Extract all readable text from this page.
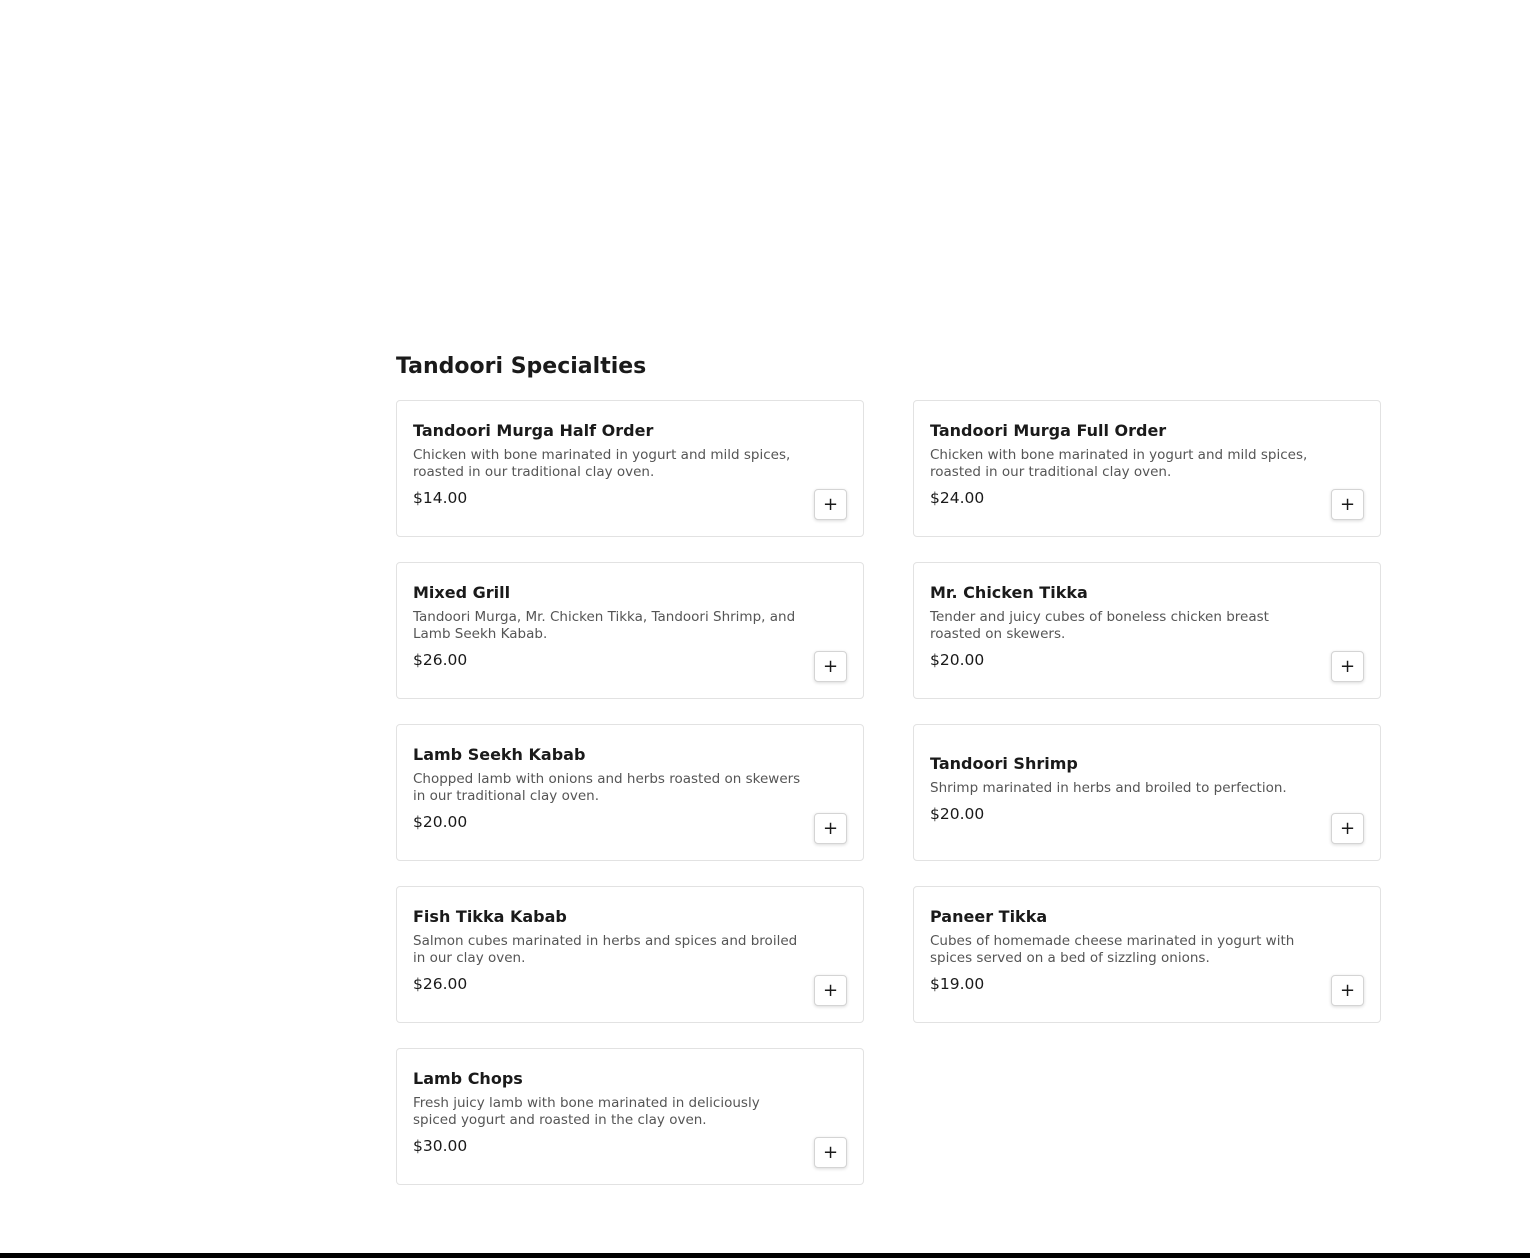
Tandoori Specialties
Tandoori Murga Half Order
Chicken with bone marinated in yogurt and mild spices, roasted in our traditional clay oven.
$14.00	+
Tandoori Murga Full Order
Chicken with bone marinated in yogurt and mild spices, roasted in our traditional clay oven.
$24.00	+
Mixed Grill
Tandoori Murga, Mr. Chicken Tikka, Tandoori Shrimp, and Lamb Seekh Kabab.
$26.00	+
Mr. Chicken Tikka
Tender and juicy cubes of boneless chicken breast roasted on skewers.
$20.00	+
Lamb Seekh Kabab
Chopped lamb with onions and herbs roasted on skewers in our traditional clay oven.
$20.00	+
Tandoori Shrimp
Shrimp marinated in herbs and broiled to perfection.
$20.00
+
Fish Tikka Kabab
Salmon cubes marinated in herbs and spices and broiled in our clay oven.
$26.00	+
Paneer Tikka
Cubes of homemade cheese marinated in yogurt with spices served on a bed of sizzling onions.
$19.00	+
Lamb Chops
Fresh juicy lamb with bone marinated in deliciously spiced yogurt and roasted in the clay oven.
$30.00	+
